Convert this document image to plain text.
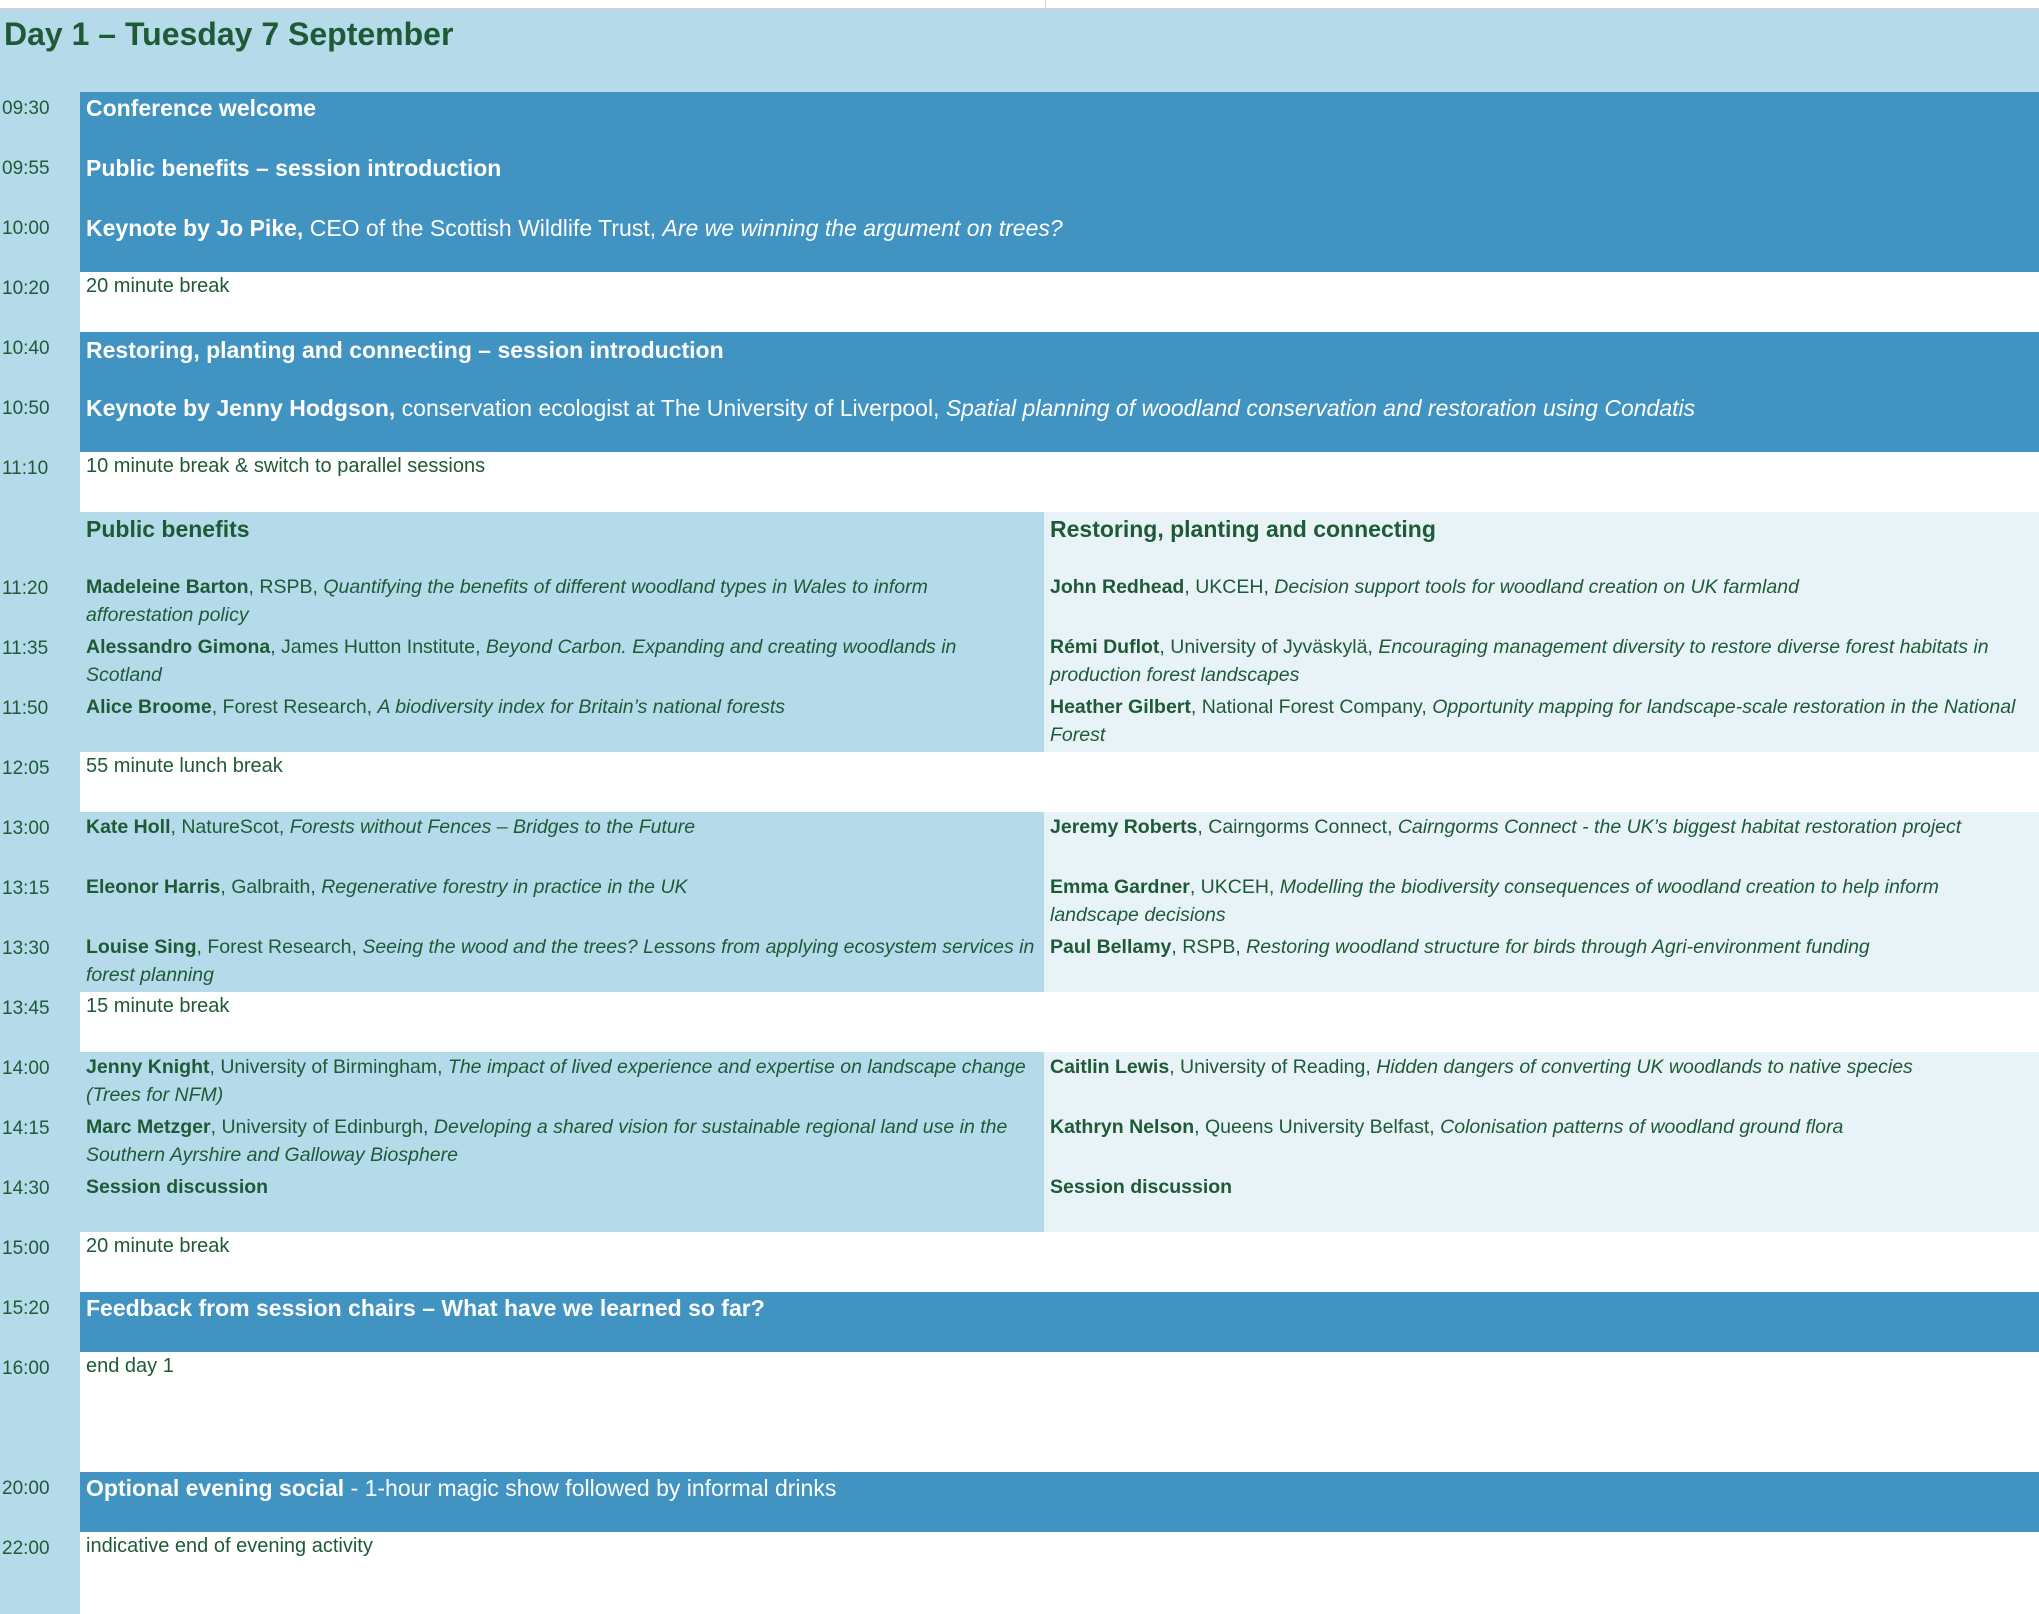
Day 1 – Tuesday 7 September
09:30
09:55
10:00
10:20
10:40
10:50
11:10
11:20
11:35
11:50
12:05
13:00
13:15
13:30
13:45
14:00
14:15
14:30
15:00
15:20
16:00
20:00
22:00
Conference welcome
Public benefits – session introduction
Keynote by Jo Pike, CEO of the Scottish Wildlife Trust, Are we winning the argument on trees?
Restoring, planting and connecting – session introduction
Keynote by Jenny Hodgson, conservation ecologist at The University of Liverpool, Spatial planning of woodland conservation and restoration using Condatis
Feedback from session chairs – What have we learned so far?
Optional evening social - 1-hour magic show followed by informal drinks
20 minute break
10 minute break & switch to parallel sessions
55 minute lunch break
15 minute break
20 minute break
end day 1
indicative end of evening activity
Public benefits	Restoring, planting and connecting
Madeleine Barton, RSPB, Quantifying the benefits of different woodland types in Wales to inform afforestation policy
Alessandro Gimona, James Hutton Institute, Beyond Carbon. Expanding and creating woodlands in Scotland
Alice Broome, Forest Research, A biodiversity index for Britain’s national forests
Kate Holl, NatureScot, Forests without Fences – Bridges to the Future
Eleonor Harris, Galbraith, Regenerative forestry in practice in the UK
Louise Sing, Forest Research, Seeing the wood and the trees? Lessons from applying ecosystem services in forest planning
Jenny Knight, University of Birmingham, The impact of lived experience and expertise on landscape change (Trees for NFM)
Marc Metzger, University of Edinburgh, Developing a shared vision for sustainable regional land use in the Southern Ayrshire and Galloway Biosphere
Session discussion
John Redhead, UKCEH, Decision support tools for woodland creation on UK farmland
Rémi Duflot, University of Jyväskylä, Encouraging management diversity to restore diverse forest habitats in production forest landscapes
Heather Gilbert, National Forest Company, Opportunity mapping for landscape-scale restoration in the National Forest
Jeremy Roberts, Cairngorms Connect, Cairngorms Connect - the UK’s biggest habitat restoration project
Emma Gardner, UKCEH, Modelling the biodiversity consequences of woodland creation to help inform landscape decisions
Paul Bellamy, RSPB, Restoring woodland structure for birds through Agri-environment funding
Caitlin Lewis, University of Reading, Hidden dangers of converting UK woodlands to native species
Kathryn Nelson, Queens University Belfast, Colonisation patterns of woodland ground flora
Session discussion
